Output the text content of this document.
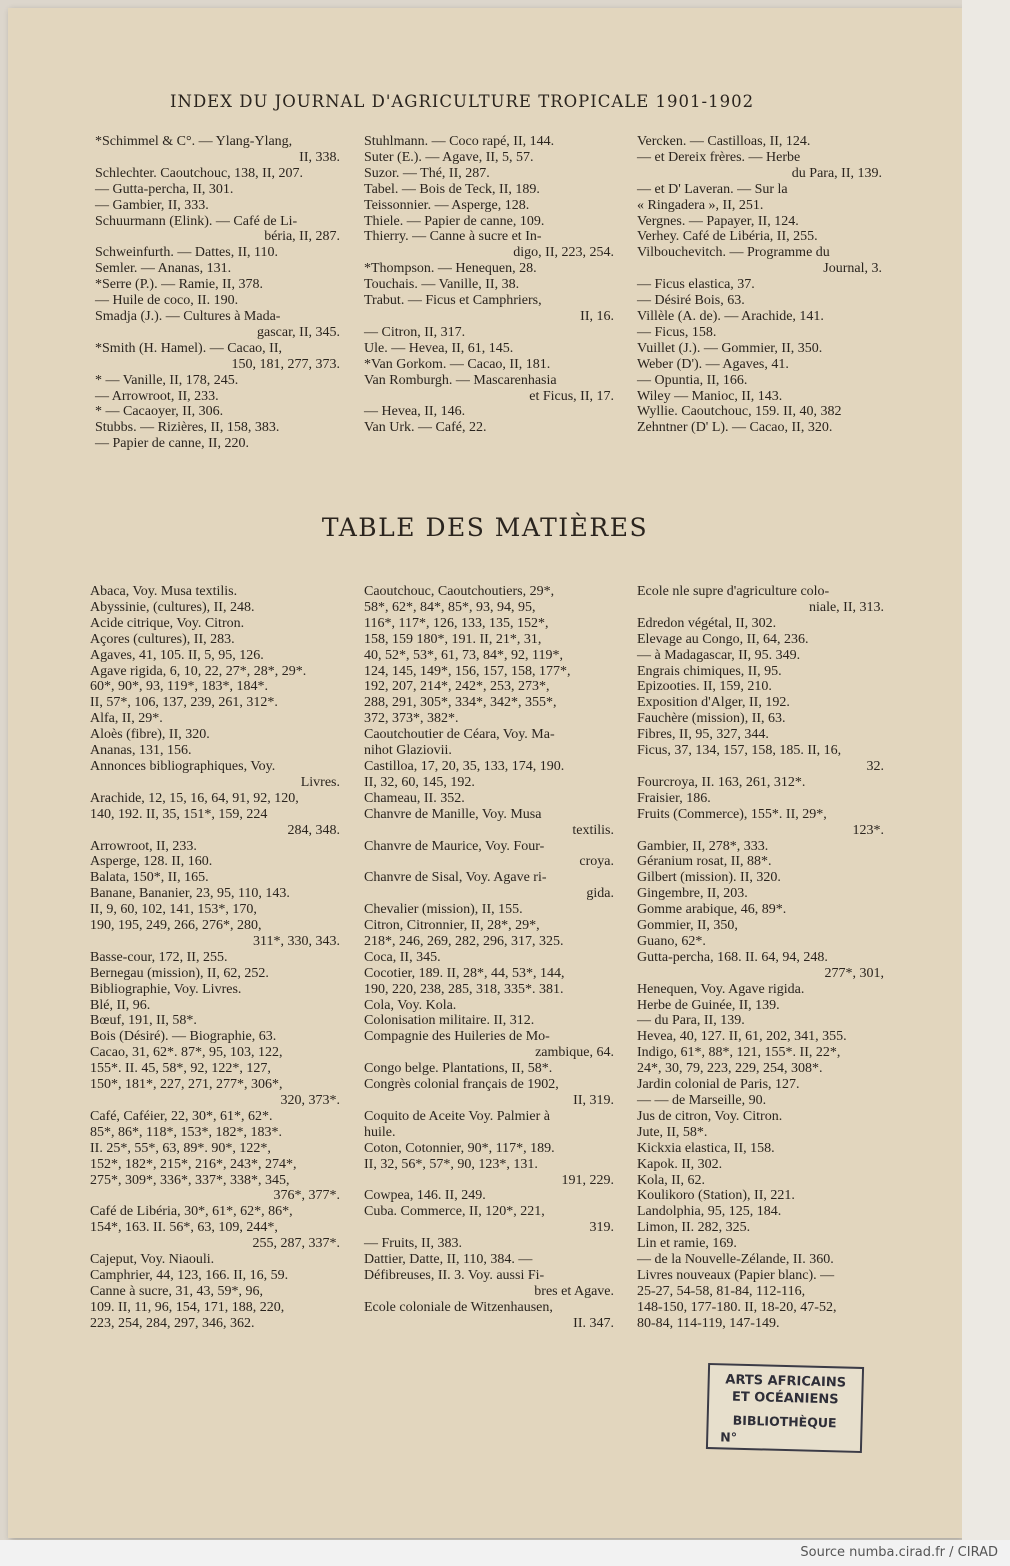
INDEX DU JOURNAL D'AGRICULTURE TROPICALE 1901-1902
*Schimmel & C°. — Ylang-Ylang,
II, 338.
Schlechter. Caoutchouc, 138, II, 207.
— Gutta-percha, II, 301.
— Gambier, II, 333.
Schuurmann (Elink). — Café de Li-
béria, II, 287.
Schweinfurth. — Dattes, II, 110.
Semler. — Ananas, 131.
*Serre (P.). — Ramie, II, 378.
— Huile de coco, II. 190.
Smadja (J.). — Cultures à Mada-
gascar, II, 345.
*Smith (H. Hamel). — Cacao, II,
150, 181, 277, 373.
* — Vanille, II, 178, 245.
— Arrowroot, II, 233.
* — Cacaoyer, II, 306.
Stubbs. — Rizières, II, 158, 383.
— Papier de canne, II, 220.
Stuhlmann. — Coco rapé, II, 144.
Suter (E.). — Agave, II, 5, 57.
Suzor. — Thé, II, 287.
Tabel. — Bois de Teck, II, 189.
Teissonnier. — Asperge, 128.
Thiele. — Papier de canne, 109.
Thierry. — Canne à sucre et In-
digo, II, 223, 254.
*Thompson. — Henequen, 28.
Touchais. — Vanille, II, 38.
Trabut. — Ficus et Camphriers,
II, 16.
— Citron, II, 317.
Ule. — Hevea, II, 61, 145.
*Van Gorkom. — Cacao, II, 181.
Van Romburgh. — Mascarenhasia
et Ficus, II, 17.
— Hevea, II, 146.
Van Urk. — Café, 22.
Vercken. — Castilloas, II, 124.
— et Dereix frères. — Herbe
du Para, II, 139.
— et D' Laveran. — Sur la
« Ringadera », II, 251.
Vergnes. — Papayer, II, 124.
Verhey. Café de Libéria, II, 255.
Vilbouchevitch. — Programme du
Journal, 3.
— Ficus elastica, 37.
— Désiré Bois, 63.
Villèle (A. de). — Arachide, 141.
— Ficus, 158.
Vuillet (J.). — Gommier, II, 350.
Weber (D'). — Agaves, 41.
— Opuntia, II, 166.
Wiley — Manioc, II, 143.
Wyllie. Caoutchouc, 159. II, 40, 382
Zehntner (D' L). — Cacao, II, 320.
TABLE DES MATIÈRES
Abaca, Voy. Musa textilis.
Abyssinie, (cultures), II, 248.
Acide citrique, Voy. Citron.
Açores (cultures), II, 283.
Agaves, 41, 105. II, 5, 95, 126.
Agave rigida, 6, 10, 22, 27*, 28*, 29*.
60*, 90*, 93, 119*, 183*, 184*.
II, 57*, 106, 137, 239, 261, 312*.
Alfa, II, 29*.
Aloès (fibre), II, 320.
Ananas, 131, 156.
Annonces bibliographiques, Voy.
Livres.
Arachide, 12, 15, 16, 64, 91, 92, 120,
140, 192. II, 35, 151*, 159, 224
284, 348.
Arrowroot, II, 233.
Asperge, 128. II, 160.
Balata, 150*, II, 165.
Banane, Bananier, 23, 95, 110, 143.
II, 9, 60, 102, 141, 153*, 170,
190, 195, 249, 266, 276*, 280,
311*, 330, 343.
Basse-cour, 172, II, 255.
Bernegau (mission), II, 62, 252.
Bibliographie, Voy. Livres.
Blé, II, 96.
Bœuf, 191, II, 58*.
Bois (Désiré). — Biographie, 63.
Cacao, 31, 62*. 87*, 95, 103, 122,
155*. II. 45, 58*, 92, 122*, 127,
150*, 181*, 227, 271, 277*, 306*,
320, 373*.
Café, Caféier, 22, 30*, 61*, 62*.
85*, 86*, 118*, 153*, 182*, 183*.
II. 25*, 55*, 63, 89*. 90*, 122*,
152*, 182*, 215*, 216*, 243*, 274*,
275*, 309*, 336*, 337*, 338*, 345,
376*, 377*.
Café de Libéria, 30*, 61*, 62*, 86*,
154*, 163. II. 56*, 63, 109, 244*,
255, 287, 337*.
Cajeput, Voy. Niaouli.
Camphrier, 44, 123, 166. II, 16, 59.
Canne à sucre, 31, 43, 59*, 96,
109. II, 11, 96, 154, 171, 188, 220,
223, 254, 284, 297, 346, 362.
Caoutchouc, Caoutchoutiers, 29*,
58*, 62*, 84*, 85*, 93, 94, 95,
116*, 117*, 126, 133, 135, 152*,
158, 159 180*, 191. II, 21*, 31,
40, 52*, 53*, 61, 73, 84*, 92, 119*,
124, 145, 149*, 156, 157, 158, 177*,
192, 207, 214*, 242*, 253, 273*,
288, 291, 305*, 334*, 342*, 355*,
372, 373*, 382*.
Caoutchoutier de Céara, Voy. Ma-
nihot Glaziovii.
Castilloa, 17, 20, 35, 133, 174, 190.
II, 32, 60, 145, 192.
Chameau, II. 352.
Chanvre de Manille, Voy. Musa
textilis.
Chanvre de Maurice, Voy. Four-
croya.
Chanvre de Sisal, Voy. Agave ri-
gida.
Chevalier (mission), II, 155.
Citron, Citronnier, II, 28*, 29*,
218*, 246, 269, 282, 296, 317, 325.
Coca, II, 345.
Cocotier, 189. II, 28*, 44, 53*, 144,
190, 220, 238, 285, 318, 335*. 381.
Cola, Voy. Kola.
Colonisation militaire. II, 312.
Compagnie des Huileries de Mo-
zambique, 64.
Congo belge. Plantations, II, 58*.
Congrès colonial français de 1902,
II, 319.
Coquito de Aceite Voy. Palmier à
huile.
Coton, Cotonnier, 90*, 117*, 189.
II, 32, 56*, 57*, 90, 123*, 131.
191, 229.
Cowpea, 146. II, 249.
Cuba. Commerce, II, 120*, 221,
319.
— Fruits, II, 383.
Dattier, Datte, II, 110, 384. —
Défibreuses, II. 3. Voy. aussi Fi-
bres et Agave.
Ecole coloniale de Witzenhausen,
II. 347.
Ecole nle supre d'agriculture colo-
niale, II, 313.
Edredon végétal, II, 302.
Elevage au Congo, II, 64, 236.
— à Madagascar, II, 95. 349.
Engrais chimiques, II, 95.
Epizooties. II, 159, 210.
Exposition d'Alger, II, 192.
Fauchère (mission), II, 63.
Fibres, II, 95, 327, 344.
Ficus, 37, 134, 157, 158, 185. II, 16,
32.
Fourcroya, II. 163, 261, 312*.
Fraisier, 186.
Fruits (Commerce), 155*. II, 29*,
123*.
Gambier, II, 278*, 333.
Géranium rosat, II, 88*.
Gilbert (mission). II, 320.
Gingembre, II, 203.
Gomme arabique, 46, 89*.
Gommier, II, 350,
Guano, 62*.
Gutta-percha, 168. II. 64, 94, 248.
277*, 301,
Henequen, Voy. Agave rigida.
Herbe de Guinée, II, 139.
— du Para, II, 139.
Hevea, 40, 127. II, 61, 202, 341, 355.
Indigo, 61*, 88*, 121, 155*. II, 22*,
24*, 30, 79, 223, 229, 254, 308*.
Jardin colonial de Paris, 127.
— — de Marseille, 90.
Jus de citron, Voy. Citron.
Jute, II, 58*.
Kickxia elastica, II, 158.
Kapok. II, 302.
Kola, II, 62.
Koulikoro (Station), II, 221.
Landolphia, 95, 125, 184.
Limon, II. 282, 325.
Lin et ramie, 169.
— de la Nouvelle-Zélande, II. 360.
Livres nouveaux (Papier blanc). —
25-27, 54-58, 81-84, 112-116,
148-150, 177-180. II, 18-20, 47-52,
80-84, 114-119, 147-149.
ARTS AFRICAINS
ET OCÉANIENS
BIBLIOTHÈQUE
N°
Source numba.cirad.fr / CIRAD
